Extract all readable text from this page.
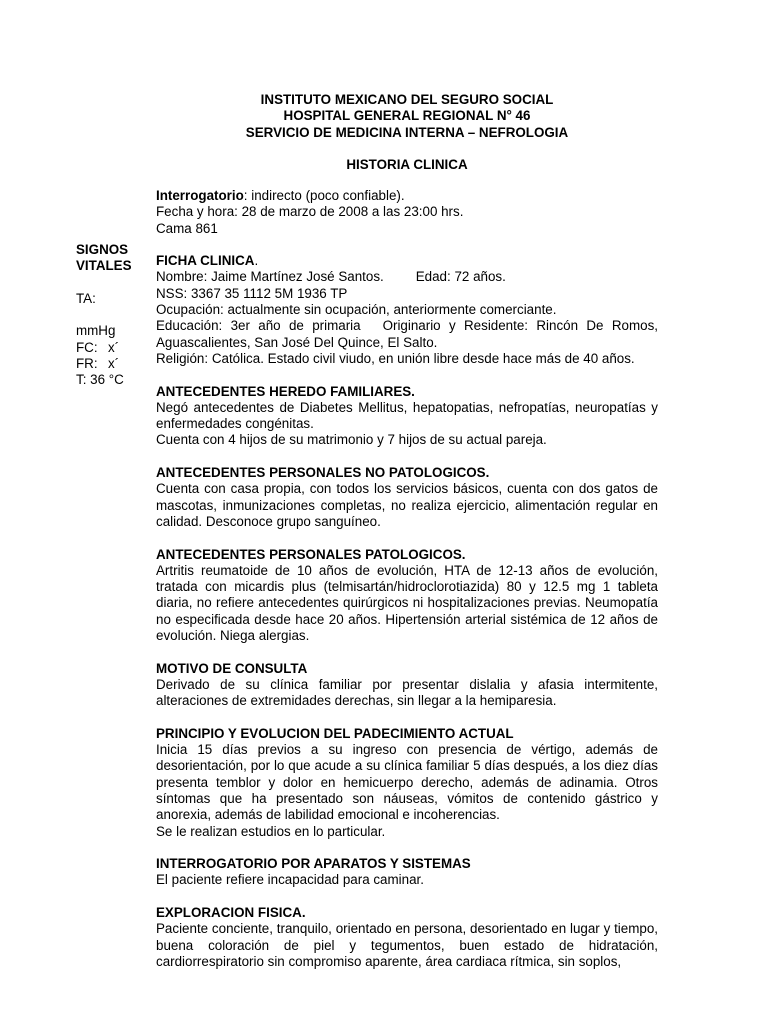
INSTITUTO MEXICANO DEL SEGURO SOCIAL
HOSPITAL GENERAL REGIONAL N° 46
SERVICIO DE MEDICINA INTERNA – NEFROLOGIA
HISTORIA CLINICA
SIGNOS
VITALES
TA:
mmHg
FC: x´
FR: x´
T: 36 °C

Interrogatorio: indirecto (poco confiable).

Fecha y hora: 28 de marzo de 2008 a las 23:00 hrs.

Cama 861

FICHA CLINICA.

Nombre: Jaime Martínez José Santos. Edad: 72 años.

NSS: 3367 35 1112 5M 1936 TP

Ocupación: actualmente sin ocupación, anteriormente comerciante.

Educación: 3er año de primaria Originario y Residente: Rincón De Romos, Aguascalientes, San José Del Quince, El Salto.

Religión: Católica. Estado civil viudo, en unión libre desde hace más de 40 años.

ANTECEDENTES HEREDO FAMILIARES.

Negó antecedentes de Diabetes Mellitus, hepatopatias, nefropatías, neuropatías y enfermedades congénitas.

Cuenta con 4 hijos de su matrimonio y 7 hijos de su actual pareja.

ANTECEDENTES PERSONALES NO PATOLOGICOS.

Cuenta con casa propia, con todos los servicios básicos, cuenta con dos gatos de mascotas, inmunizaciones completas, no realiza ejercicio, alimentación regular en calidad. Desconoce grupo sanguíneo.

ANTECEDENTES PERSONALES PATOLOGICOS.

Artritis reumatoide de 10 años de evolución, HTA de 12-13 años de evolución, tratada con micardis plus (telmisartán/hidroclorotiazida) 80 y 12.5 mg 1 tableta diaria, no refiere antecedentes quirúrgicos ni hospitalizaciones previas. Neumopatía no especificada desde hace 20 años. Hipertensión arterial sistémica de 12 años de evolución. Niega alergias.

MOTIVO DE CONSULTA

Derivado de su clínica familiar por presentar dislalia y afasia intermitente, alteraciones de extremidades derechas, sin llegar a la hemiparesia.

PRINCIPIO Y EVOLUCION DEL PADECIMIENTO ACTUAL

Inicia 15 días previos a su ingreso con presencia de vértigo, además de desorientación, por lo que acude a su clínica familiar 5 días después, a los diez días presenta temblor y dolor en hemicuerpo derecho, además de adinamia. Otros síntomas que ha presentado son náuseas, vómitos de contenido gástrico y anorexia, además de labilidad emocional e incoherencias.

Se le realizan estudios en lo particular.

INTERROGATORIO POR APARATOS Y SISTEMAS

El paciente refiere incapacidad para caminar.

EXPLORACION FISICA.

Paciente conciente, tranquilo, orientado en persona, desorientado en lugar y tiempo, buena coloración de piel y tegumentos, buen estado de hidratación, cardiorrespiratorio sin compromiso aparente, área cardiaca rítmica, sin soplos,
